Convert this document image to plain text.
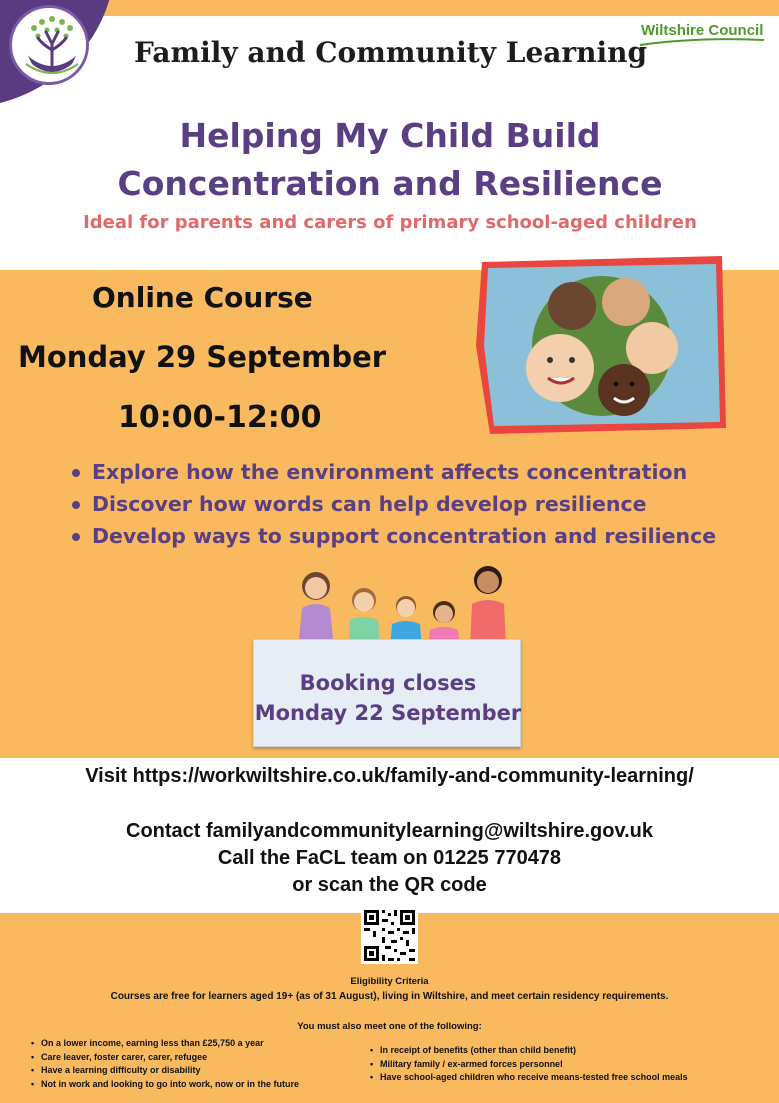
Family and Community Learning
Wiltshire Council
Helping My Child Build
Concentration and Resilience
Ideal for parents and carers of primary school-aged children
Online Course
Monday 29 September
10:00-12:00
Explore how the environment affects concentration
Discover how words can help develop resilience
Develop ways to support concentration and resilience
Booking closes
Monday 22 September
Visit https://workwiltshire.co.uk/family-and-community-learning/
Contact familyandcommunitylearning@wiltshire.gov.uk
Call the FaCL team on 01225 770478
or scan the QR code
Eligibility Criteria
Courses are free for learners aged 19+ (as of 31 August), living in Wiltshire, and meet certain residency requirements.
You must also meet one of the following:
• On a lower income, earning less than £25,750 a year
• Care leaver, foster carer, carer, refugee
• Have a learning difficulty or disability
• Not in work and looking to go into work, now or in the future
• In receipt of benefits (other than child benefit)
• Military family / ex-armed forces personnel
• Have school-aged children who receive means-tested free school meals
